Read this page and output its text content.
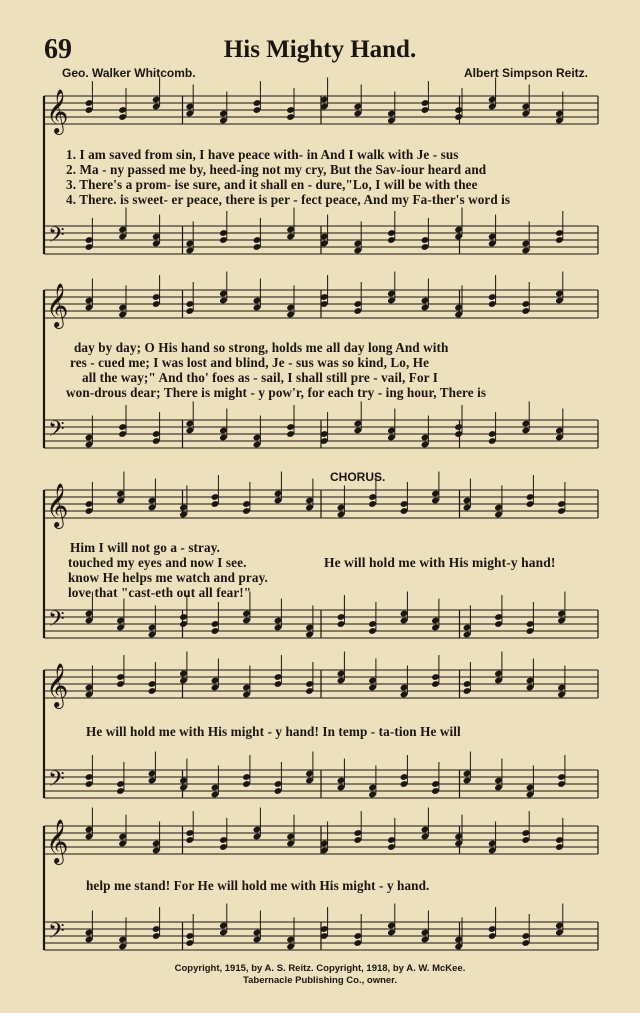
69	His Mighty Hand.
Geo. Walker Whitcomb.	Albert Simpson Reitz.
𝄞
𝄢
𝄞
𝄢
𝄞
𝄢
𝄞
𝄢
𝄞
𝄢
1. I am saved from sin, I have peace with- in And I walk with Je - sus
2. Ma - ny passed me by, heed-ing not my cry, But the Sav-iour heard and
3. There's a prom- ise sure, and it shall en - dure,"Lo, I will be with thee
4. There. is sweet- er peace, there is per - fect peace, And my Fa-ther's word is
day by day; O His hand so strong, holds me all day long And with
res - cued me; I was lost and blind, Je - sus was so kind, Lo, He
all the way;" And tho' foes as - sail, I shall still pre - vail, For I
won-drous dear; There is might - y pow'r, for each try - ing hour, There is
CHORUS.
Him I will not go a - stray.
touched my eyes and now I see.
know He helps me watch and pray.
love that "cast-eth out all fear!"
He will hold me with His might-y hand!
He will hold me with His might - y hand! In temp - ta-tion He will
help me stand! For He will hold me with His might - y hand.
Copyright, 1915, by A. S. Reitz. Copyright, 1918, by A. W. McKee.
Tabernacle Publishing Co., owner.
